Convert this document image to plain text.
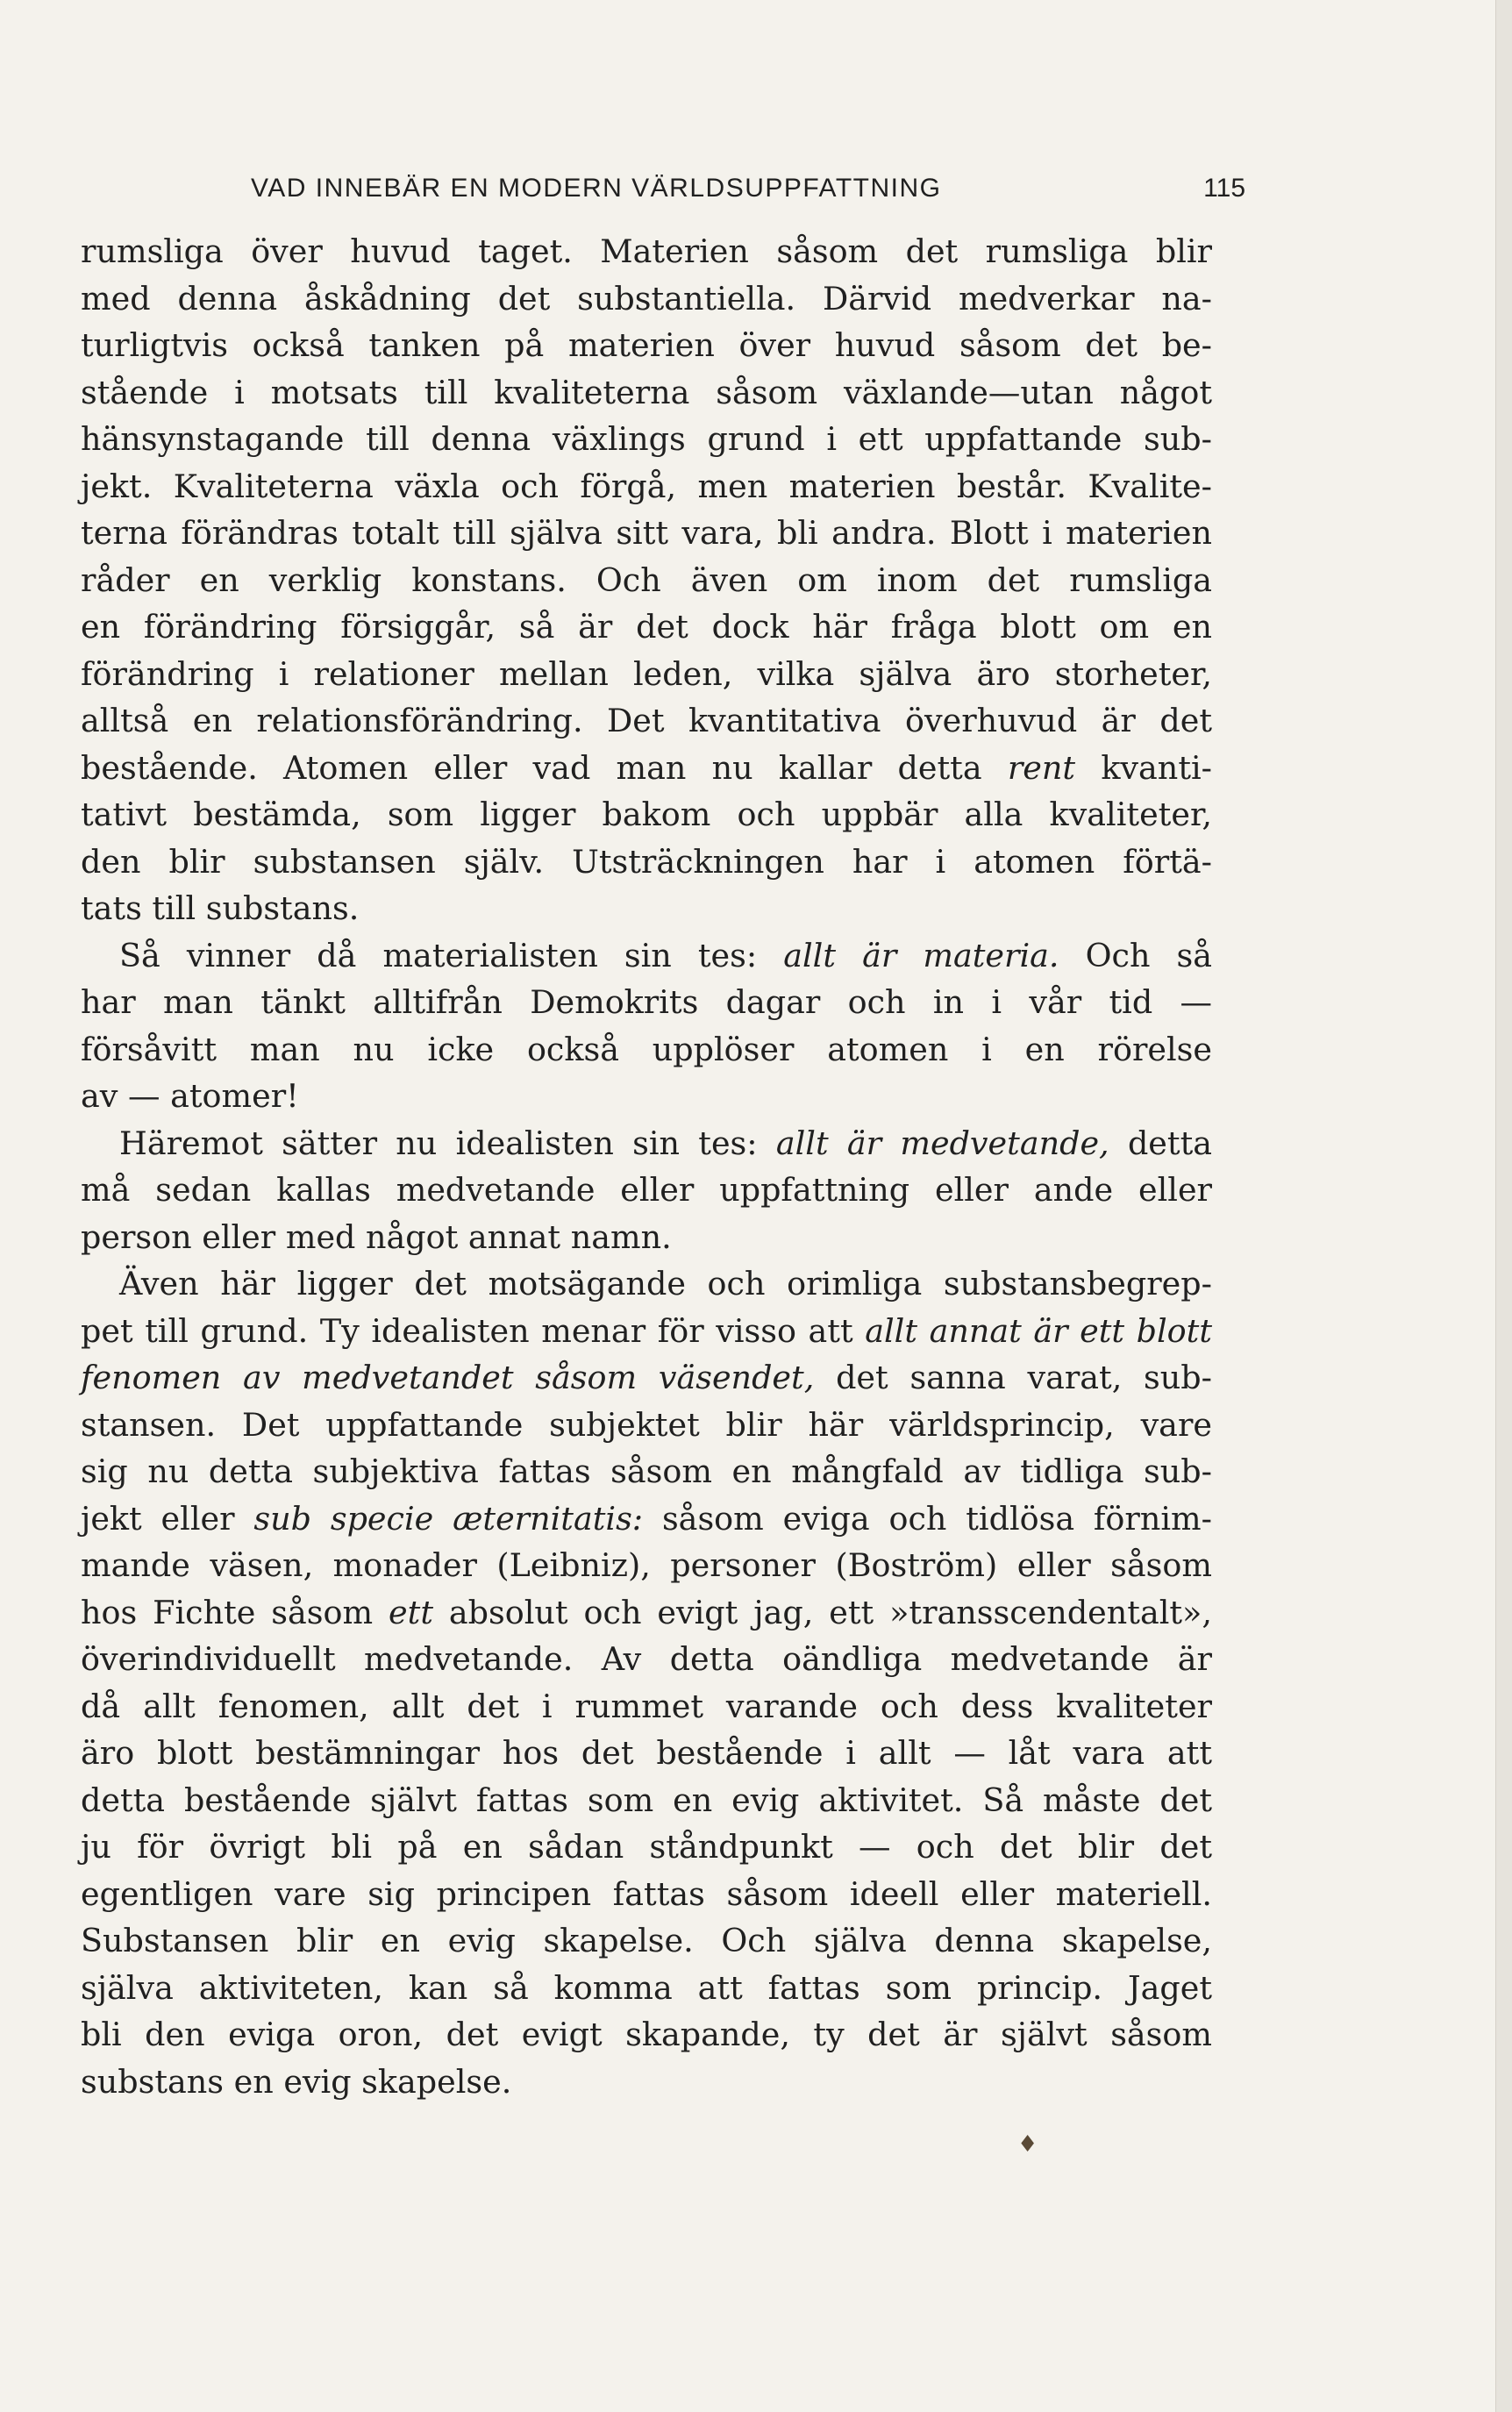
VAD INNEBÄR EN MODERN VÄRLDSUPPFATTNING	115
rumsliga över huvud taget. Materien såsom det rumsliga blir
med denna åskådning det substantiella. Därvid medverkar na-
turligtvis också tanken på materien över huvud såsom det be-
stående i motsats till kvaliteterna såsom växlande—utan något
hänsynstagande till denna växlings grund i ett uppfattande sub-
jekt. Kvaliteterna växla och förgå, men materien består. Kvalite-
terna förändras totalt till själva sitt vara, bli andra. Blott i materien
råder en verklig konstans. Och även om inom det rumsliga
en förändring försiggår, så är det dock här fråga blott om en
förändring i relationer mellan leden, vilka själva äro storheter,
alltså en relationsförändring. Det kvantitativa överhuvud är det
bestående. Atomen eller vad man nu kallar detta rent kvanti-
tativt bestämda, som ligger bakom och uppbär alla kvaliteter,
den blir substansen själv. Utsträckningen har i atomen förtä-
tats till substans.
Så vinner då materialisten sin tes: allt är materia. Och så
har man tänkt alltifrån Demokrits dagar och in i vår tid —
försåvitt man nu icke också upplöser atomen i en rörelse
av — atomer!
Häremot sätter nu idealisten sin tes: allt är medvetande, detta
må sedan kallas medvetande eller uppfattning eller ande eller
person eller med något annat namn.
Även här ligger det motsägande och orimliga substansbegrep-
pet till grund. Ty idealisten menar för visso att allt annat är ett blott
fenomen av medvetandet såsom väsendet, det sanna varat, sub-
stansen. Det uppfattande subjektet blir här världsprincip, vare
sig nu detta subjektiva fattas såsom en mångfald av tidliga sub-
jekt eller sub specie æternitatis: såsom eviga och tidlösa förnim-
mande väsen, monader (Leibniz), personer (Boström) eller såsom
hos Fichte såsom ett absolut och evigt jag, ett »transscendentalt»,
överindividuellt medvetande. Av detta oändliga medvetande är
då allt fenomen, allt det i rummet varande och dess kvaliteter
äro blott bestämningar hos det bestående i allt — låt vara att
detta bestående självt fattas som en evig aktivitet. Så måste det
ju för övrigt bli på en sådan ståndpunkt — och det blir det
egentligen vare sig principen fattas såsom ideell eller materiell.
Substansen blir en evig skapelse. Och själva denna skapelse,
själva aktiviteten, kan så komma att fattas som princip. Jaget
bli den eviga oron, det evigt skapande, ty det är självt såsom
substans en evig skapelse.
♦
